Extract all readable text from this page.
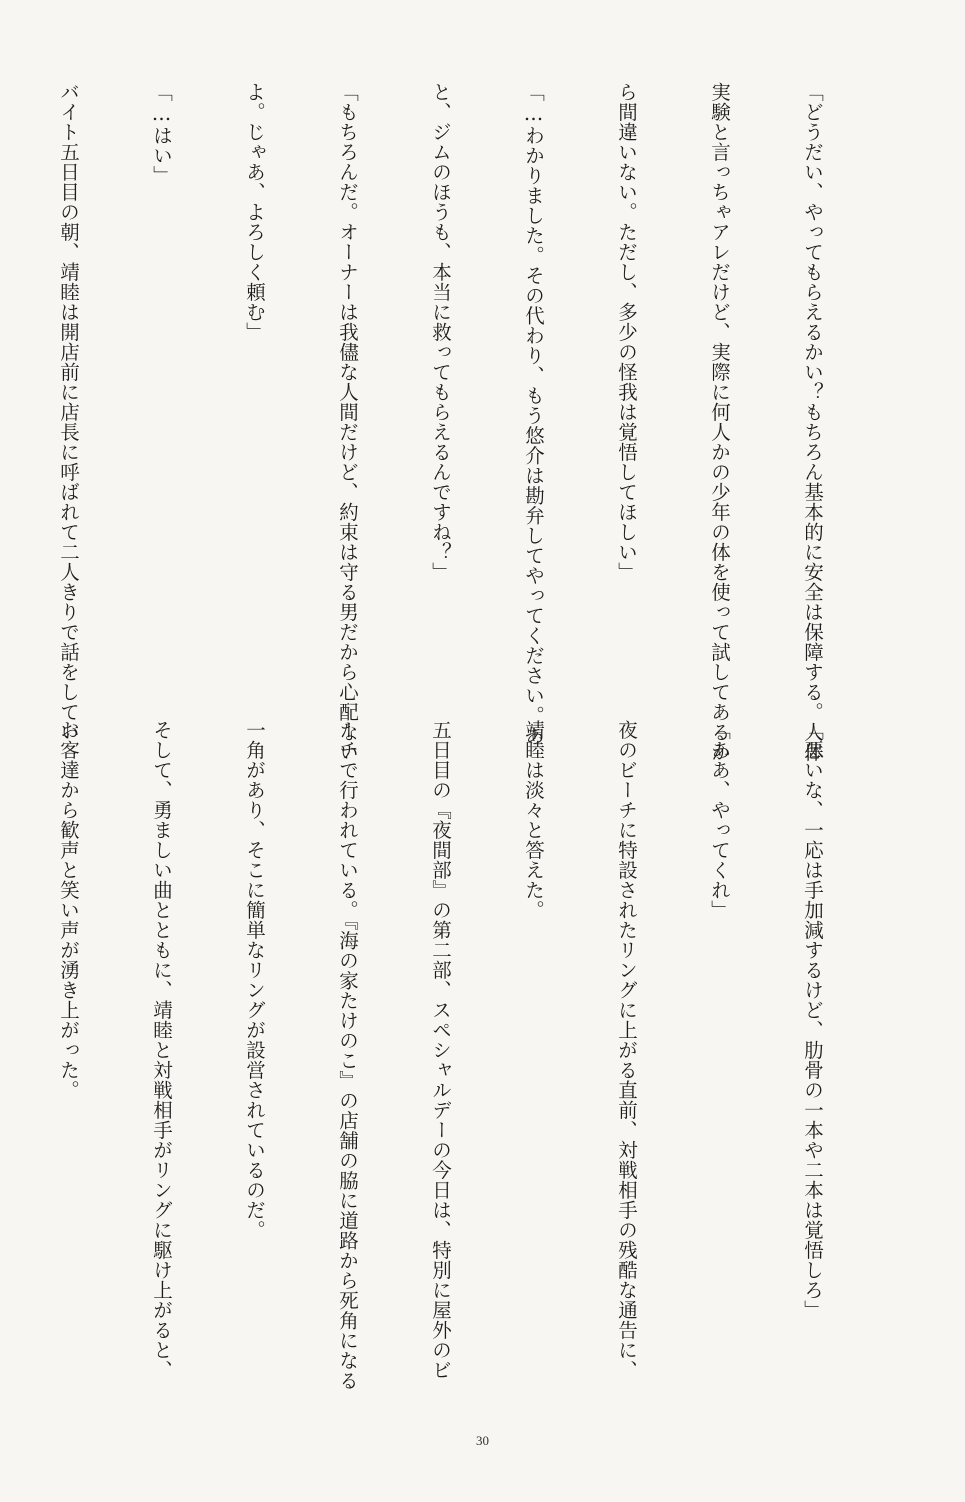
「どうだい、やってもらえるかい？もちろん基本的に安全は保障する。人体

実験と言っちゃアレだけど、実際に何人かの少年の体を使って試してあるか

ら間違いない。ただし、多少の怪我は覚悟してほしい」

「…わかりました。その代わり、もう悠介は勘弁してやってください。あ

と、ジムのほうも、本当に救ってもらえるんですね？」

「もちろんだ。オーナーは我儘な人間だけど、約束は守る男だから心配ない

よ。じゃあ、よろしく頼む」

「…はい」

バイト五日目の朝、靖睦は開店前に店長に呼ばれて二人きりで話をしてい

「悪いな、一応は手加減するけど、肋骨の一本や二本は覚悟しろ」

「ああ、やってくれ」

夜のビーチに特設されたリングに上がる直前、対戦相手の残酷な通告に、

靖睦は淡々と答えた。

五日目の『夜間部』の第二部、スペシャルデーの今日は、特別に屋外のビ

ーチで行われている。『海の家たけのこ』の店舗の脇に道路から死角になる

一角があり、そこに簡単なリングが設営されているのだ。

そして、勇ましい曲とともに、靖睦と対戦相手がリングに駆け上がると、

お客達から歓声と笑い声が湧き上がった。

30
